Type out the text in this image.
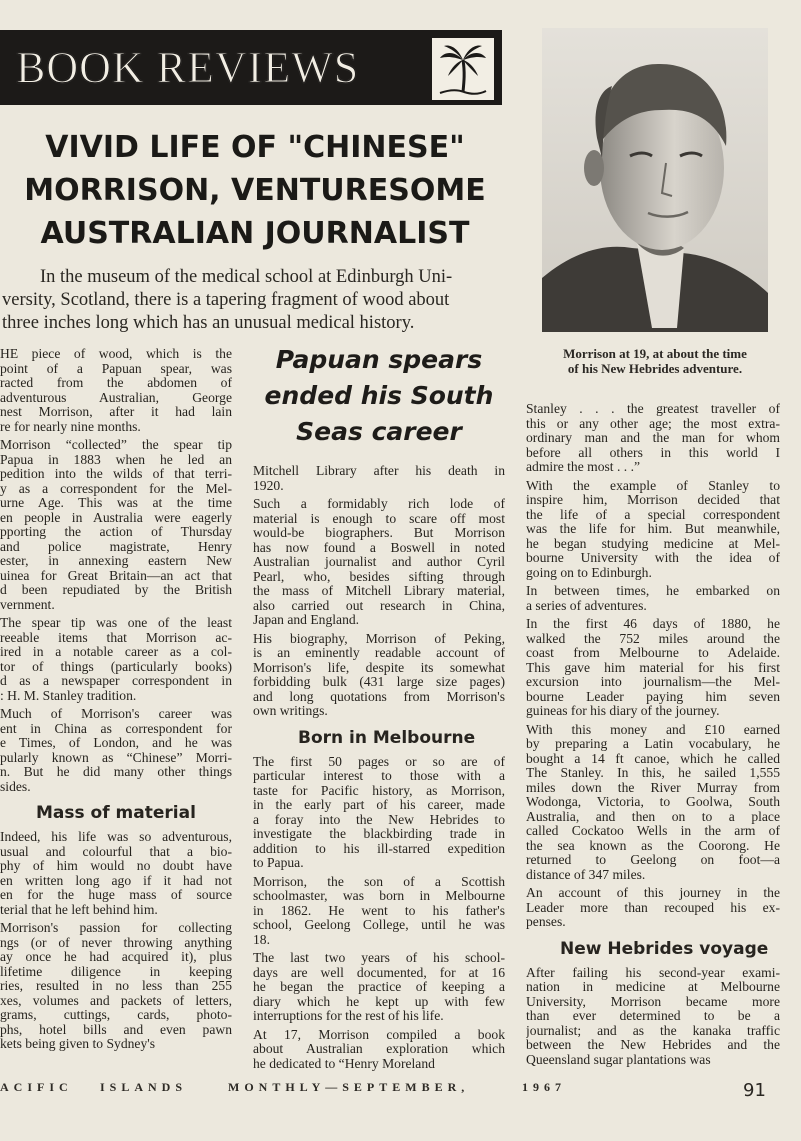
BOOK REVIEWS
VIVID LIFE OF "CHINESE"
MORRISON, VENTURESOME
AUSTRALIAN JOURNALIST
In the museum of the medical school at Edinburgh Uni-
versity, Scotland, there is a tapering fragment of wood about
three inches long which has an unusual medical history.
Morrison at 19, at about the time
of his New Hebrides adventure.
Papuan spears
ended his South
Seas career

HE piece of wood, which is the
point of a Papuan spear, was
racted from the abdomen of
adventurous Australian, George
nest Morrison, after it had lain
re for nearly nine months.

Morrison “collected” the spear tip
Papua in 1883 when he led an
pedition into the wilds of that terri-
y as a correspondent for the Mel-
urne Age. This was at the time
en people in Australia were eagerly
pporting the action of Thursday
and police magistrate, Henry
ester, in annexing eastern New
uinea for Great Britain—an act that
d been repudiated by the British
vernment.

The spear tip was one of the least
reeable items that Morrison ac-
ired in a notable career as a col-
tor of things (particularly books)
d as a newspaper correspondent in
: H. M. Stanley tradition.

Much of Morrison's career was
ent in China as correspondent for
e Times, of London, and he was
pularly known as “Chinese” Morri-
n. But he did many other things
sides.

Mass of material

Indeed, his life was so adventurous,
usual and colourful that a bio-
phy of him would no doubt have
en written long ago if it had not
en for the huge mass of source
terial that he left behind him.

Morrison's passion for collecting
ngs (or of never throwing anything
ay once he had acquired it), plus
lifetime diligence in keeping
ries, resulted in no less than 255
xes, volumes and packets of letters,
grams, cuttings, cards, photo-
phs, hotel bills and even pawn
kets being given to Sydney's

Mitchell Library after his death in
1920.

Such a formidably rich lode of
material is enough to scare off most
would-be biographers. But Morrison
has now found a Boswell in noted
Australian journalist and author Cyril
Pearl, who, besides sifting through
the mass of Mitchell Library material,
also carried out research in China,
Japan and England.

His biography, Morrison of Peking,
is an eminently readable account of
Morrison's life, despite its somewhat
forbidding bulk (431 large size pages)
and long quotations from Morrison's
own writings.

Born in Melbourne

The first 50 pages or so are of
particular interest to those with a
taste for Pacific history, as Morrison,
in the early part of his career, made
a foray into the New Hebrides to
investigate the blackbirding trade in
addition to his ill-starred expedition
to Papua.

Morrison, the son of a Scottish
schoolmaster, was born in Melbourne
in 1862. He went to his father's
school, Geelong College, until he was
18.

The last two years of his school-
days are well documented, for at 16
he began the practice of keeping a
diary which he kept up with few
interruptions for the rest of his life.

At 17, Morrison compiled a book
about Australian exploration which
he dedicated to “Henry Moreland

Stanley . . . the greatest traveller of
this or any other age; the most extra-
ordinary man and the man for whom
before all others in this world I
admire the most . . .”

With the example of Stanley to
inspire him, Morrison decided that
the life of a special correspondent
was the life for him. But meanwhile,
he began studying medicine at Mel-
bourne University with the idea of
going on to Edinburgh.

In between times, he embarked on
a series of adventures.

In the first 46 days of 1880, he
walked the 752 miles around the
coast from Melbourne to Adelaide.
This gave him material for his first
excursion into journalism—the Mel-
bourne Leader paying him seven
guineas for his diary of the journey.

With this money and £10 earned
by preparing a Latin vocabulary, he
bought a 14 ft canoe, which he called
The Stanley. In this, he sailed 1,555
miles down the River Murray from
Wodonga, Victoria, to Goolwa, South
Australia, and then on to a place
called Cockatoo Wells in the arm of
the sea known as the Coorong. He
returned to Geelong on foot—a
distance of 347 miles.

An account of this journey in the
Leader more than recouped his ex-
penses.

New Hebrides voyage

After failing his second-year exami-
nation in medicine at Melbourne
University, Morrison became more
than ever determined to be a
journalist; and as the kanaka traffic
between the New Hebrides and the
Queensland sugar plantations was

ACIFIC ISLANDS	MONTHLY—SEPTEMBER,	1967	91
